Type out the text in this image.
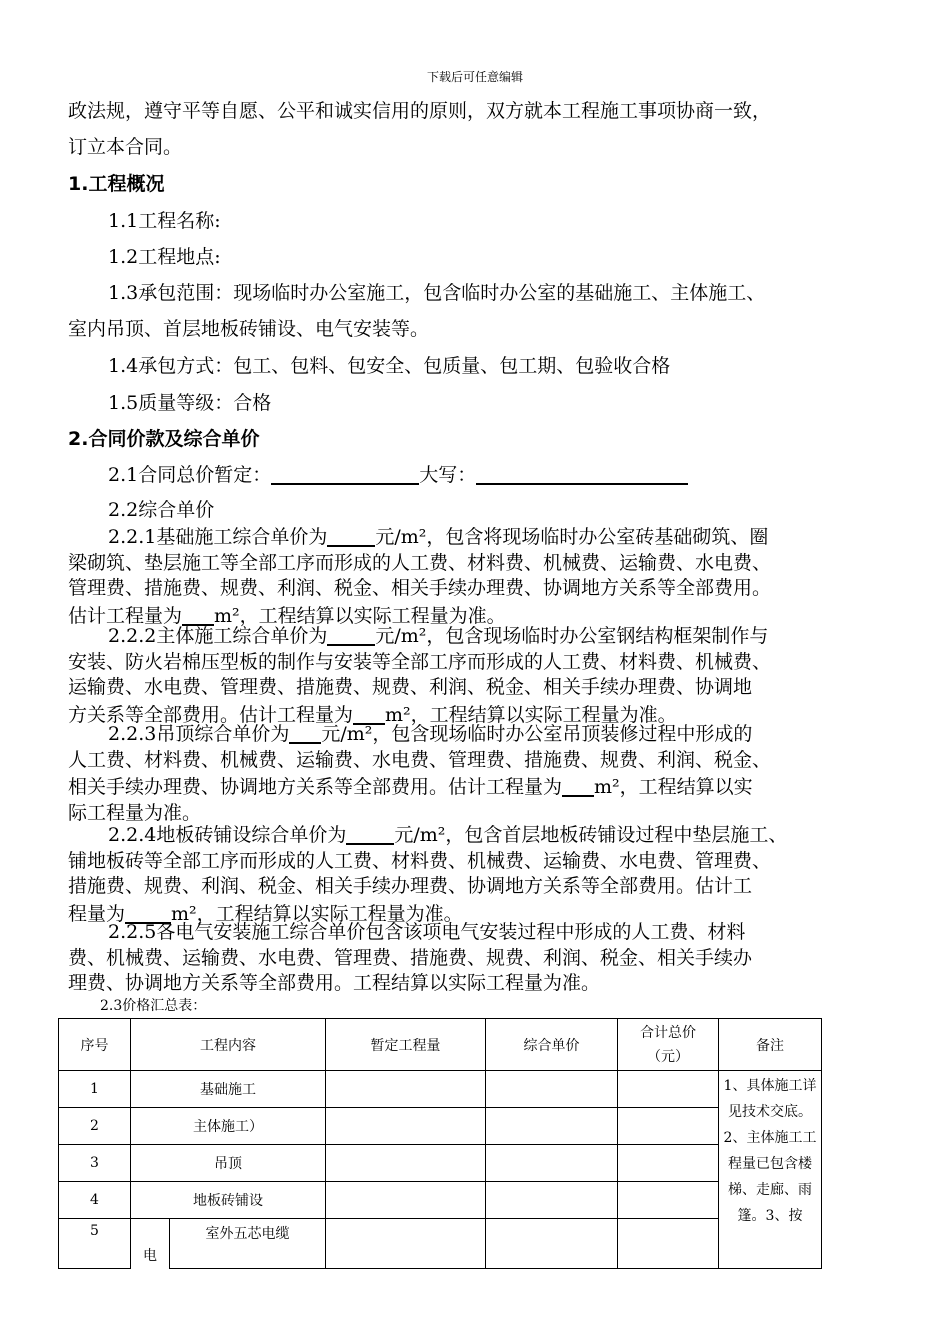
下载后可任意编辑
政法规，遵守平等自愿、公平和诚实信用的原则，双方就本工程施工事项协商一致，
订立本合同。
1.工程概况
1.1工程名称:
1.2工程地点:
1.3承包范围：现场临时办公室施工，包含临时办公室的基础施工、主体施工、
室内吊顶、首层地板砖铺设、电气安装等。
1.4承包方式：包工、包料、包安全、包质量、包工期、包验收合格
1.5质量等级：合格
2.合同价款及综合单价
2.1合同总价暂定：	大写：
2.2综合单价
2.2.1基础施工综合单价为	元/m²，包含将现场临时办公室砖基础砌筑、圈
梁砌筑、垫层施工等全部工序而形成的人工费、材料费、机械费、运输费、水电费、
管理费、措施费、规费、利润、税金、相关手续办理费、协调地方关系等全部费用。
估计工程量为 m²，工程结算以实际工程量为准。
2.2.2主体施工综合单价为	元/m²，包含现场临时办公室钢结构框架制作与
安装、防火岩棉压型板的制作与安装等全部工序而形成的人工费、材料费、机械费、
运输费、水电费、管理费、措施费、规费、利润、税金、相关手续办理费、协调地
方关系等全部费用。估计工程量为 m²，工程结算以实际工程量为准。
2.2.3吊顶综合单价为 元/m²，包含现场临时办公室吊顶装修过程中形成的
人工费、材料费、机械费、运输费、水电费、管理费、措施费、规费、利润、税金、
相关手续办理费、协调地方关系等全部费用。估计工程量为 m²，工程结算以实
际工程量为准。
2.2.4地板砖铺设综合单价为	元/m²，包含首层地板砖铺设过程中垫层施工、
铺地板砖等全部工序而形成的人工费、材料费、机械费、运输费、水电费、管理费、
措施费、规费、利润、税金、相关手续办理费、协调地方关系等全部费用。估计工
程量为 m²，工程结算以实际工程量为准。
2.2.5各电气安装施工综合单价包含该项电气安装过程中形成的人工费、材料
费、机械费、运输费、水电费、管理费、措施费、规费、利润、税金、相关手续办
理费、协调地方关系等全部费用。工程结算以实际工程量为准。
2.3价格汇总表：
序号	工程内容		暂定工程量	综合单价	合计总价（元）	备注
1	基础施工					1、具体施工详见技术交底。2、主体施工工程量已包含楼梯、走廊、雨篷。3、按
2	主体施工）					
3	吊顶					
4	地板砖铺设					
5	电	室外五芯电缆				
